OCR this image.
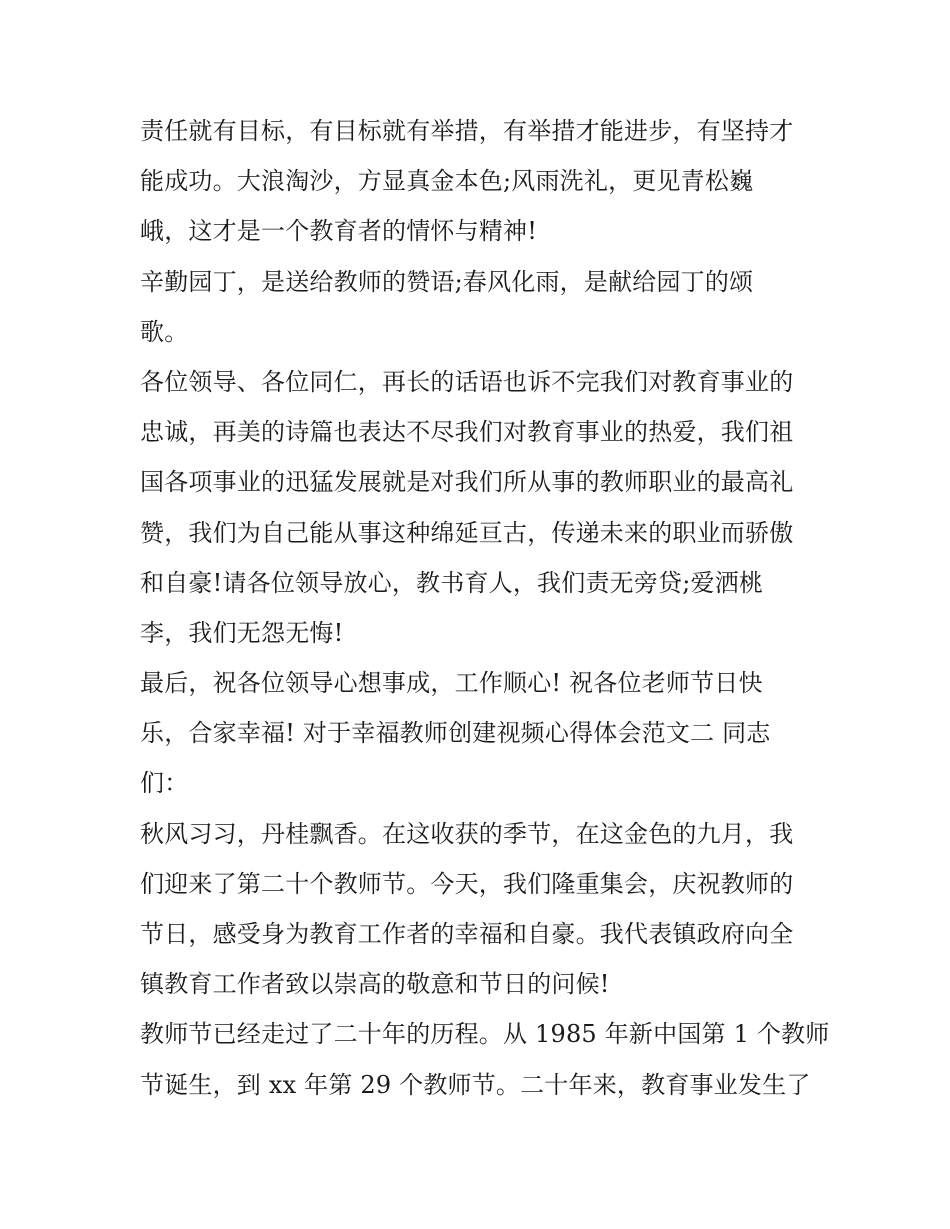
责任就有目标，有目标就有举措，有举措才能进步，有坚持才
能成功。大浪淘沙，方显真金本色;风雨洗礼，更见青松巍
峨，这才是一个教育者的情怀与精神!
辛勤园丁，是送给教师的赞语;春风化雨，是献给园丁的颂
歌。
各位领导、各位同仁，再长的话语也诉不完我们对教育事业的
忠诚，再美的诗篇也表达不尽我们对教育事业的热爱，我们祖
国各项事业的迅猛发展就是对我们所从事的教师职业的最高礼
赞，我们为自己能从事这种绵延亘古，传递未来的职业而骄傲
和自豪!请各位领导放心，教书育人，我们责无旁贷;爱洒桃
李，我们无怨无悔!
最后，祝各位领导心想事成，工作顺心! 祝各位老师节日快
乐，合家幸福! 对于幸福教师创建视频心得体会范文二 同志
们：
秋风习习，丹桂飘香。在这收获的季节，在这金色的九月，我
们迎来了第二十个教师节。今天，我们隆重集会，庆祝教师的
节日，感受身为教育工作者的幸福和自豪。我代表镇政府向全
镇教育工作者致以崇高的敬意和节日的问候!
教师节已经走过了二十年的历程。从 1985 年新中国第 1 个教师
节诞生，到 xx 年第 29 个教师节。二十年来，教育事业发生了
